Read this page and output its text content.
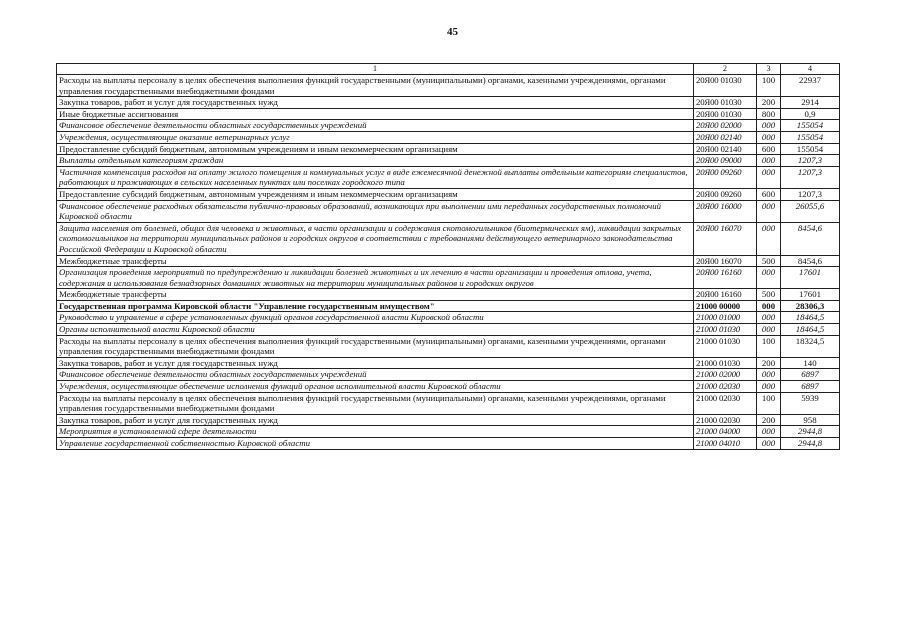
45
1	2	3	4
Расходы на выплаты персоналу в целях обеспечения выполнения функций государственными (муниципальными) органами, казенными учреждениями, органами управления государственными внебюджетными фондами	20Я00 01030	100	22937
Закупка товаров, работ и услуг для государственных нужд	20Я00 01030	200	2914
Иные бюджетные ассигнования	20Я00 01030	800	0,9
Финансовое обеспечение деятельности областных государственных учреждений	20Я00 02000	000	155054
Учреждения, осуществляющие оказание ветеринарных услуг	20Я00 02140	000	155054
Предоставление субсидий бюджетным, автономным учреждениям и иным некоммерческим организациям	20Я00 02140	600	155054
Выплаты отдельным категориям граждан	20Я00 09000	000	1207,3
Частичная компенсация расходов на оплату жилого помещения и коммунальных услуг в виде ежемесячной денежной выплаты отдельным категориям специалистов, работающих и проживающих в сельских населенных пунктах или поселках городского типа	20Я00 09260	000	1207,3
Предоставление субсидий бюджетным, автономным учреждениям и иным некоммерческим организациям	20Я00 09260	600	1207,3
Финансовое обеспечение расходных обязательств публично-правовых образований, возникающих при выполнении ими переданных государственных полномочий Кировской области	20Я00 16000	000	26055,6
Защита населения от болезней, общих для человека и животных, в части организации и содержания скотомогильников (биотермических ям), ликвидации закрытых скотомогильников на территории муниципальных районов и городских округов в соответствии с требованиями действующего ветеринарного законодательства Российской Федерации и Кировской области	20Я00 16070	000	8454,6
Межбюджетные трансферты	20Я00 16070	500	8454,6
Организация проведения мероприятий по предупреждению и ликвидации болезней животных и их лечению в части организации и проведения отлова, учета, содержания и использования безнадзорных домашних животных на территории муниципальных районов и городских округов	20Я00 16160	000	17601
Межбюджетные трансферты	20Я00 16160	500	17601
Государственная программа Кировской области "Управление государственным имуществом"	21000 00000	000	28306,3
Руководство и управление в сфере установленных функций органов государственной власти Кировской области	21000 01000	000	18464,5
Органы исполнительной власти Кировской области	21000 01030	000	18464,5
Расходы на выплаты персоналу в целях обеспечения выполнения функций государственными (муниципальными) органами, казенными учреждениями, органами управления государственными внебюджетными фондами	21000 01030	100	18324,5
Закупка товаров, работ и услуг для государственных нужд	21000 01030	200	140
Финансовое обеспечение деятельности областных государственных учреждений	21000 02000	000	6897
Учреждения, осуществляющие обеспечение исполнения функций органов исполнительной власти Кировской области	21000 02030	000	6897
Расходы на выплаты персоналу в целях обеспечения выполнения функций государственными (муниципальными) органами, казенными учреждениями, органами управления государственными внебюджетными фондами	21000 02030	100	5939
Закупка товаров, работ и услуг для государственных нужд	21000 02030	200	958
Мероприятия в установленной сфере деятельности	21000 04000	000	2944,8
Управление государственной собственностью Кировской области	21000 04010	000	2944,8
